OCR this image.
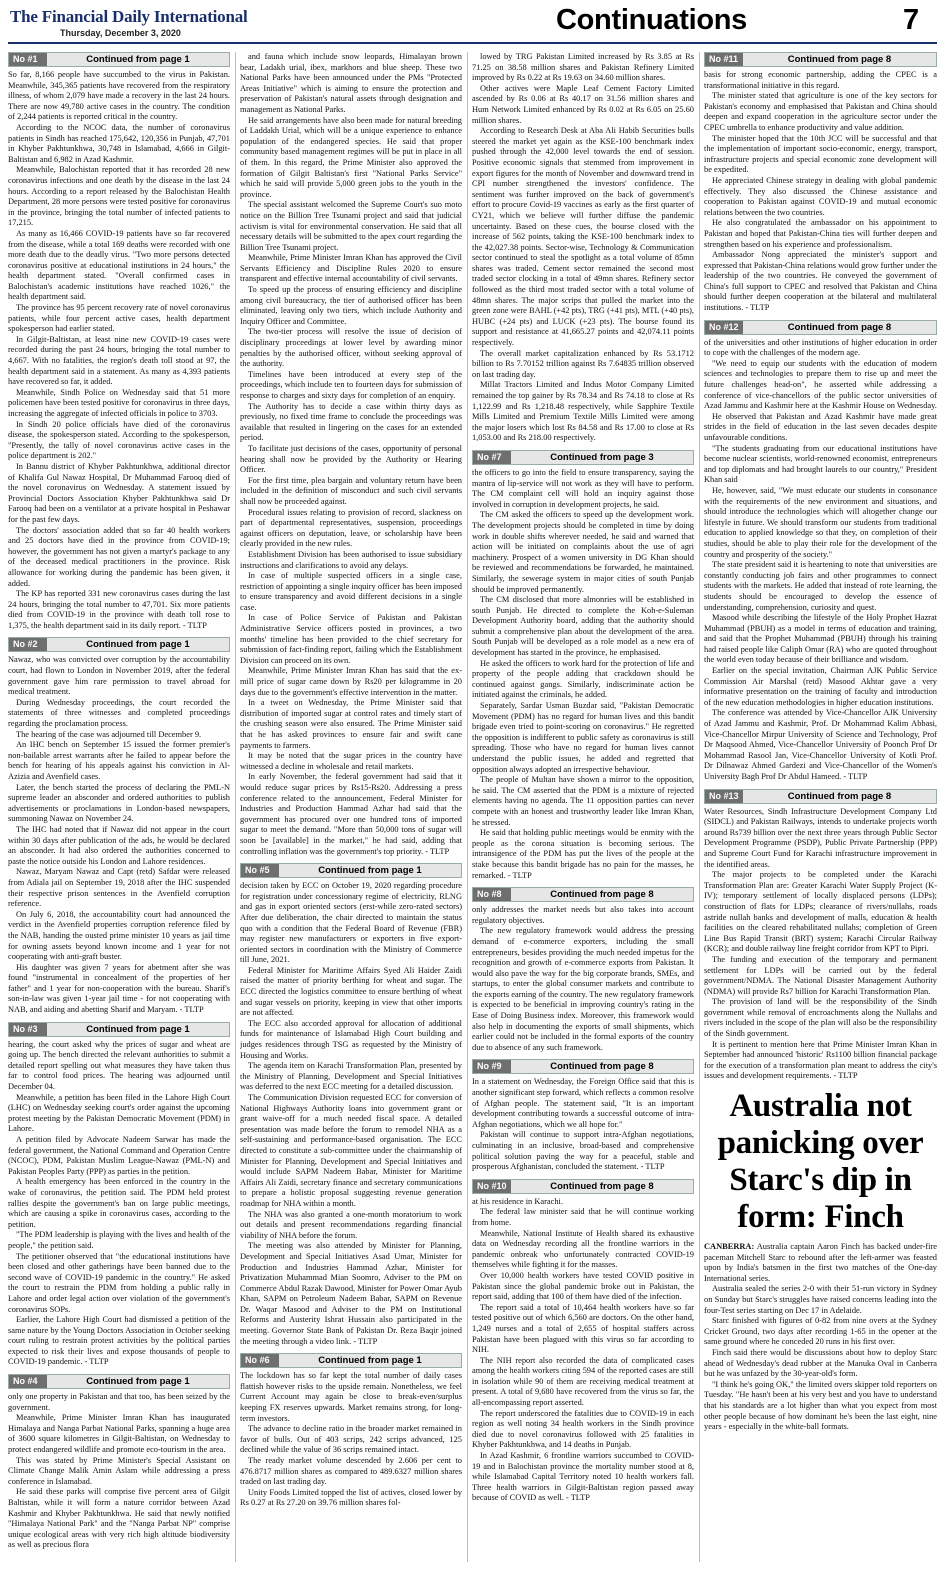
The Financial Daily International
Thursday, December 3, 2020	Continuations	7
No #1	Continued from page 1

So far, 8,166 people have succumbed to the virus in Pakistan. Meanwhile, 345,365 patients have recovered from the respiratory illness, of whom 2,079 have made a recovery in the last 24 hours. There are now 49,780 active cases in the country. The condition of 2,244 patients is reported critical in the country.

According to the NCOC data, the number of coronavirus patients in Sindh has reached 175,642, 120,356 in Punjab, 47,701 in Khyber Pakhtunkhwa, 30,748 in Islamabad, 4,666 in Gilgit-Baltistan and 6,982 in Azad Kashmir.

Meanwhile, Balochistan reported that it has recorded 28 new coronavirus infections and one death by the disease in the last 24 hours. According to a report released by the Balochistan Health Department, 28 more persons were tested positive for coronavirus in the province, bringing the total number of infected patients to 17,215.

As many as 16,466 COVID-19 patients have so far recovered from the disease, while a total 169 deaths were recorded with one more death due to the deadly virus. "Two more persons detected coronavirus positive at educational institutions in 24 hours," the health department stated. "Overall confirmed cases in Balochistan's academic institutions have reached 1026," the health department said.

The province has 95 percent recovery rate of novel coronavirus patients, while four percent active cases, health department spokesperson had earlier stated.

In Gilgit-Baltistan, at least nine new COVID-19 cases were recorded during the past 24 hours, bringing the total number to 4,667. With no fatalities, the region's death toll stood at 97, the health department said in a statement. As many as 4,393 patients have recovered so far, it added.

Meanwhile, Sindh Police on Wednesday said that 51 more policemen have been tested positive for coronavirus in three days, increasing the aggregate of infected officials in police to 3703.

In Sindh 20 police officials have died of the coronavirus disease, the spokesperson stated. According to the spokesperson, "Presently, the tally of novel coronavirus active cases in the police department is 202."

In Bannu district of Khyber Pakhtunkhwa, additional director of Khalifa Gul Nawaz Hospital, Dr Muhammad Farooq died of the novel coronavirus on Wednesday. A statement issued by Provincial Doctors Association Khyber Pakhtunkhwa said Dr Farooq had been on a ventilator at a private hospital in Peshawar for the past few days.

The doctors' association added that so far 40 health workers and 25 doctors have died in the province from COVID-19; however, the government has not given a martyr's package to any of the deceased medical practitioners in the province. Risk allowance for working during the pandemic has been given, it added.

The KP has reported 331 new coronavirus cases during the last 24 hours, bringing the total number to 47,701. Six more patients died from COVID-19 in the province with death toll rose to 1,375, the health department said in its daily report. - TLTP

No #2	Continued from page 1

Nawaz, who was convicted over corruption by the accountability court, had flown to London in November 2019, after the federal government gave him rare permission to travel abroad for medical treatment.

During Wednesday proceedings, the court recorded the statements of three witnesses and completed proceedings regarding the proclamation process.

The hearing of the case was adjourned till December 9.

An IHC bench on September 15 issued the former premier's non-bailable arrest warrants after he failed to appear before the bench for hearing of his appeals against his conviction in Al-Azizia and Avenfield cases.

Later, the bench started the process of declaring the PML-N supreme leader an absconder and ordered authorities to publish advertisements or proclamations in London-based newspapers, summoning Nawaz on November 24.

The IHC had noted that if Nawaz did not appear in the court within 30 days after publication of the ads, he would be declared an absconder. It had also ordered the authorities concerned to paste the notice outside his London and Lahore residences.

Nawaz, Maryam Nawaz and Capt (retd) Safdar were released from Adiala jail on September 19, 2018 after the IHC suspended their respective prison sentences in the Avenfield corruption reference.

On July 6, 2018, the accountability court had announced the verdict in the Avenfield properties corruption reference filed by the NAB, handing the ousted prime minister 10 years as jail time for owning assets beyond known income and 1 year for not cooperating with anti-graft buster.

His daughter was given 7 years for abetment after she was found "instrumental in concealment of the properties of her father" and 1 year for non-cooperation with the bureau. Sharif's son-in-law was given 1-year jail time - for not cooperating with NAB, and aiding and abetting Sharif and Maryam. - TLTP

No #3	Continued from page 1

hearing, the court asked why the prices of sugar and wheat are going up. The bench directed the relevant authorities to submit a detailed report spelling out what measures they have taken thus far to control food prices. The hearing was adjourned until December 04.

Meanwhile, a petition has been filed in the Lahore High Court (LHC) on Wednesday seeking court's order against the upcoming protest meeting by the Pakistan Democratic Movement (PDM) in Lahore.

A petition filed by Advocate Nadeem Sarwar has made the federal government, the National Command and Operation Centre (NCOC), PDM, Pakistan Muslim League-Nawaz (PML-N) and Pakistan Peoples Party (PPP) as parties in the petition.

A health emergency has been enforced in the country in the wake of coronavirus, the petition said. The PDM held protest rallies despite the government's ban on large public meetings, which are causing a spike in coronavirus cases, according to the petition.

"The PDM leadership is playing with the lives and health of the people," the petition said.

The petitioner observed that "the educational institutions have been closed and other gatherings have been banned due to the second wave of COVID-19 pandemic in the country." He asked the court to restrain the PDM from holding a public rally in Lahore and order legal action over violation of the government's coronavirus SOPs.

Earlier, the Lahore High Court had dismissed a petition of the same nature by the Young Doctors Association in October seeking court ruling to restrain protest activities by the political parties expected to risk their lives and expose thousands of people to COVID-19 pandemic. - TLTP

No #4	Continued from page 1

only one property in Pakistan and that too, has been seized by the government.

Meanwhile, Prime Minister Imran Khan has inaugurated Himalaya and Nanga Parbat National Parks, spanning a huge area of 3600 square kilometres in Gilgit-Baltistan, on Wednesday to protect endangered wildlife and promote eco-tourism in the area.

This was stated by Prime Minister's Special Assistant on Climate Change Malik Amin Aslam while addressing a press conference in Islamabad.

He said these parks will comprise five percent area of Gilgit Baltistan, while it will form a nature corridor between Azad Kashmir and Khyber Pakhtunkhwa. He said that newly notified "Himalaya National Park" and the "Nanga Parbat NP" comprise unique ecological areas with very rich high altitude biodiversity as well as precious flora

and fauna which include snow leopards, Himalayan brown bear, Ladakh urial, ibex, markhors and blue sheep. These two National Parks have been announced under the PMs "Protected Areas Initiative" which is aiming to ensure the protection and preservation of Pakistan's natural assets through designation and management as National Parks.

He said arrangements have also been made for natural breeding of Laddakh Urial, which will be a unique experience to enhance population of the endangered species. He said that proper community based management regimes will be put in place in all of them. In this regard, the Prime Minister also approved the formation of Gilgit Baltistan's first "National Parks Service" which he said will provide 5,000 green jobs to the youth in the province.

The special assistant welcomed the Supreme Court's suo moto notice on the Billion Tree Tsunami project and said that judicial activism is vital for environmental conservation. He said that all necessary details will be submitted to the apex court regarding the Billion Tree Tsunami project.

Meanwhile, Prime Minister Imran Khan has approved the Civil Servants Efficiency and Discipline Rules 2020 to ensure transparent and effective internal accountability of civil servants.

To speed up the process of ensuring efficiency and discipline among civil bureaucracy, the tier of authorised officer has been eliminated, leaving only two tiers, which include Authority and Inquiry Officer and Committee.

The two-tier process will resolve the issue of decision of disciplinary proceedings at lower level by awarding minor penalties by the authorised officer, without seeking approval of the authority.

Timelines have been introduced at every step of the proceedings, which include ten to fourteen days for submission of response to charges and sixty days for completion of an enquiry.

The Authority has to decide a case within thirty days as previously, no fixed time frame to conclude the proceedings was available that resulted in lingering on the cases for an extended period.

To facilitate just decisions of the cases, opportunity of personal hearing shall now be provided by the Authority or Hearing Officer.

For the first time, plea bargain and voluntary return have been included in the definition of misconduct and such civil servants shall now be proceeded against.

Procedural issues relating to provision of record, slackness on part of departmental representatives, suspension, proceedings against officers on deputation, leave, or scholarship have been clearly provided in the new rules.

Establishment Division has been authorised to issue subsidiary instructions and clarifications to avoid any delays.

In case of multiple suspected officers in a single case, restriction of appointing a single inquiry officer has been imposed to ensure transparency and avoid different decisions in a single case.

In case of Police Service of Pakistan and Pakistan Administrative Service officers posted in provinces, a two months' timeline has been provided to the chief secretary for submission of fact-finding report, failing which the Establishment Division can proceed on its own.

Meanwhile, Prime Minister Imran Khan has said that the ex-mill price of sugar came down by Rs20 per kilogramme in 20 days due to the government's effective intervention in the matter.

In a tweet on Wednesday, the Prime Minister said that distribution of imported sugar at control rates and timely start of the crushing season were also ensured. The Prime Minister said that he has asked provinces to ensure fair and swift cane payments to farmers.

It may be noted that the sugar prices in the country have witnessed a decline in wholesale and retail markets.

In early November, the federal government had said that it would reduce sugar prices by Rs15-Rs20. Addressing a press conference related to the announcement, Federal Minister for Industries and Production Hammad Azhar had said that the government has procured over one hundred tons of imported sugar to meet the demand. "More than 50,000 tons of sugar will soon be [available] in the market," he had said, adding that controlling inflation was the government's top priority. - TLTP

No #5	Continued from page 1

decision taken by ECC on October 19, 2020 regarding procedure for registration under concessionary regime of electricity, RLNG and gas in export oriented sectors (erst-while zero-rated sectors) After due deliberation, the chair directed to maintain the status quo with a condition that the Federal Board of Revenue (FBR) may register new manufacturers or exporters in five export-oriented sectors in coordination with the Ministry of Commerce till June, 2021.

Federal Minister for Maritime Affairs Syed Ali Haider Zaidi raised the matter of priority berthing for wheat and sugar. The ECC directed the logistics committee to ensure berthing of wheat and sugar vessels on priority, keeping in view that other imports are not affected.

The ECC also accorded approval for allocation of additional funds for maintenance of Islamabad High Court building and judges residences through TSG as requested by the Ministry of Housing and Works.

The agenda item on Karachi Transformation Plan, presented by the Ministry of Planning, Development and Special Initiatives was deferred to the next ECC meeting for a detailed discussion.

The Communication Division requested ECC for conversion of National Highways Authority loans into government grant or grant waive-off for a much needed fiscal space. A detailed presentation was made before the forum to remodel NHA as a self-sustaining and performance-based organisation. The ECC directed to constitute a sub-committee under the chairmanship of Minister for Planning, Development and Special Initiatives and would include SAPM Nadeem Babar, Minister for Maritime Affairs Ali Zaidi, secretary finance and secretary communications to prepare a holistic proposal suggesting revenue generation roadmap for NHA within a month.

The NHA was also granted a one-month moratorium to work out details and present recommendations regarding financial viability of NHA before the forum.

The meeting was also attended by Minister for Planning, Development and Special Initiatives Asad Umar, Minister for Production and Industries Hammad Azhar, Minister for Privatization Muhammad Mian Soomro, Adviser to the PM on Commerce Abdul Razak Dawood, Minister for Power Omar Ayub Khan, SAPM on Petroleum Nadeem Babar, SAPM on Revenue Dr. Waqar Masood and Adviser to the PM on Institutional Reforms and Austerity Ishrat Hussain also participated in the meeting. Governor State Bank of Pakistan Dr. Reza Baqir joined the meeting through a video link. - TLTP

No #6	Continued from page 1

The lockdown has so far kept the total number of daily cases flattish however risks to the upside remain. Nonetheless, we feel Current Account may again be close to break-even/surplus keeping FX reserves upwards. Market remains strong, for long-term investors.

The advance to decline ratio in the broader market remained in favor of bulls. Out of 403 scrips, 242 scrips advanced, 125 declined while the value of 36 scrips remained intact.

The ready market volume descended by 2.606 per cent to 476.8717 million shares as compared to 489.6327 million shares traded on last trading day.

Unity Foods Limited topped the list of actives, closed lower by Rs 0.27 at Rs 27.20 on 39.76 million shares fol-

lowed by TRG Pakistan Limited increased by Rs 3.85 at Rs 71.25 on 38.58 million shares and Pakistan Refinery Limited improved by Rs 0.22 at Rs 19.63 on 34.60 million shares.

Other actives were Maple Leaf Cement Factory Limited ascended by Rs 0.06 at Rs 40.17 on 31.56 million shares and Hum Network Limited enhanced by Rs 0.02 at Rs 6.05 on 25.60 million shares.

According to Research Desk at Aba Ali Habib Securities bulls steered the market yet again as the KSE-100 benchmark index pushed through the 42,000 level towards the end of session. Positive economic signals that stemmed from improvement in export figures for the month of November and downward trend in CPI number strengthened the investors' confidence. The sentiment was further improved on the back of government's effort to procure Covid-19 vaccines as early as the first quarter of CY21, which we believe will further diffuse the pandemic uncertainty. Based on these cues, the bourse closed with the increase of 562 points, taking the KSE-100 benchmark index to the 42,027.38 points. Sector-wise, Technology & Communication sector continued to steal the spotlight as a total volume of 85mn shares was traded. Cement sector remained the second most traded sector clocking in a total of 49mn shares. Refinery sector followed as the third most traded sector with a total volume of 48mn shares. The major scrips that pulled the market into the green zone were BAHL (+42 pts), TRG (+41 pts), MTL (+40 pts), HUBC (+24 pts) and LUCK (+23 pts). The bourse found its support and resistance at 41,665.27 points and 42,074.11 points respectively.

The overall market capitalization enhanced by Rs 53.1712 billion to Rs 7.70152 trillion against Rs 7.64835 trillion observed on last trading day.

Millat Tractors Limited and Indus Motor Company Limited remained the top gainer by Rs 78.34 and Rs 74.18 to close at Rs 1,122.99 and Rs 1,218.48 respectively, while Sapphire Textile Mills Limited and Premium Textile Mills Limited were among the major losers which lost Rs 84.58 and Rs 17.00 to close at Rs 1,053.00 and Rs 218.00 respectively.

No #7	Continued from page 3

the officers to go into the field to ensure transparency, saying the mantra of lip-service will not work as they will have to perform. The CM complaint cell will hold an inquiry against those involved in corruption in development projects, he said.

The CM asked the officers to speed up the development work. The development projects should be completed in time by doing work in double shifts wherever needed, he said and warned that action will be initiated on complaints about the use of agri machinery. Prospect of a women university in DG Khan should be reviewed and recommendations be forwarded, he maintained. Similarly, the sewerage system in major cities of south Punjab should be improved permanently.

The CM disclosed that more almonries will be established in south Punjab. He directed to complete the Koh-e-Suleman Development Authority board, adding that the authority should submit a comprehensive plan about the development of the area. South Punjab will be developed as a role model as a new era of development has started in the province, he emphasised.

He asked the officers to work hard for the protection of life and property of the people adding that crackdown should be continued against gangs. Similarly, indiscriminate action be initiated against the criminals, he added.

Separately, Sardar Usman Buzdar said, "Pakistan Democratic Movement (PDM) has no regard for human lives and this bandit brigade even tried to point-scoring on coronavirus." He regretted the opposition is indifferent to public safety as coronavirus is still spreading. Those who have no regard for human lives cannot understand the public issues, he added and regretted that opposition always adopted an irrespective behaviour.

The people of Multan have shown a mirror to the opposition, he said. The CM asserted that the PDM is a mixture of rejected elements having no agenda. The 11 opposition parties can never compete with an honest and trustworthy leader like Imran Khan, he stressed.

He said that holding public meetings would be enmity with the people as the corona situation is becoming serious. The intransigence of the PDM has put the lives of the people at the stake because this bandit brigade has no pain for the masses, he remarked. - TLTP

No #8	Continued from page 8

only addresses the market needs but also takes into account regulatory objectives.

The new regulatory framework would address the pressing demand of e-commerce exporters, including the small entrepreneurs, besides providing the much needed impetus for the recognition and growth of e-commerce exports from Pakistan. It would also pave the way for the big corporate brands, SMEs, and startups, to enter the global consumer markets and contribute to the exports earning of the country. The new regulatory framework is expected to be beneficial in improving country's rating in the Ease of Doing Business index. Moreover, this framework would also help in documenting the exports of small shipments, which earlier could not be included in the formal exports of the country due to absence of any such framework.

No #9	Continued from page 8

In a statement on Wednesday, the Foreign Office said that this is another significant step forward, which reflects a common resolve of Afghan people. The statement said, "It is an important development contributing towards a successful outcome of intra-Afghan negotiations, which we all hope for."

Pakistan will continue to support intra-Afghan negotiations, culminating in an inclusive, broad-based and comprehensive political solution paving the way for a peaceful, stable and prosperous Afghanistan, concluded the statement. - TLTP

No #10	Continued from page 8

at his residence in Karachi.

The federal law minister said that he will continue working from home.

Meanwhile, National Institute of Health shared its exhaustive data on Wednesday recording all the frontline warriors in the pandemic onbreak who unfortunately contracted COVID-19 themselves while fighting it for the masses.

Over 10,000 health workers have tested COVID positive in Pakistan since the global pandemic broke out in Pakistan, the report said, adding that 100 of them have died of the infection.

The report said a total of 10,464 health workers have so far tested positive out of which 6,560 are doctors. On the other hand, 1,249 nurses and a total of 2,655 of hospital staffers across Pakistan have been plagued with this virus so far according to NIH.

The NIH report also recorded the data of complicated cases among the health workers citing 594 of the reported cases are still in isolation while 90 of them are receiving medical treatment at present. A total of 9,680 have recovered from the virus so far, the all-encompassing report asserted.

The report underscored the fatalities due to COVID-19 in each region as well noting 34 health workers in the Sindh province died due to novel coronavirus followed with 25 fatalities in Khyber Pakhtunkhwa, and 14 deaths in Punjab.

In Azad Kashmir, 6 frontline warriors succumbed to COVID-19 and in Balochistan province the mortality number stood at 8, while Islamabad Capital Territory noted 10 health workers fall. Three health warriors in Gilgit-Baltistan region passed away because of COVID as well. - TLTP

No #11	Continued from page 8

basis for strong economic partnership, adding the CPEC is a transformational initiative in this regard.

The minister stated that agriculture is one of the key sectors for Pakistan's economy and emphasised that Pakistan and China should deepen and expand cooperation in the agriculture sector under the CPEC umbrella to enhance productivity and value addition.

The minister hoped that the 10th JCC will be successful and that the implementation of important socio-economic, energy, transport, infrastructure projects and special economic zone development will be expedited.

He appreciated Chinese strategy in dealing with global pandemic effectively. They also discussed the Chinese assistance and cooperation to Pakistan against COVID-19 and mutual economic relations between the two countries.

He also congratulated the ambassador on his appointment to Pakistan and hoped that Pakistan-China ties will further deepen and strengthen based on his experience and professionalism.

Ambassador Nong appreciated the minister's support and expressed that Pakistan-China relations would grow further under the leadership of the two countries. He conveyed the government of China's full support to CPEC and resolved that Pakistan and China should further deepen cooperation at the bilateral and multilateral institutions. - TLTP

No #12	Continued from page 8

of the universities and other institutions of higher education in order to cope with the challenges of the modern age.

"We need to equip our students with the education of modern sciences and technologies to prepare them to rise up and meet the future challenges head-on", he asserted while addressing a conference of vice-chancellors of the public sector universities of Azad Jammu and Kashmir here at the Kashmir House on Wednesday.

He observed that Pakistan and Azad Kashmir have made great strides in the field of education in the last seven decades despite unfavourable conditions.

"The students graduating from our educational institutions have become nuclear scientists, world-renowned economist, entrepreneurs and top diplomats and had brought laurels to our country," President Khan said

He, however, said, "We must educate our students in consonance with the requirements of the new environment and situations, and should introduce the technologies which will altogether change our lifestyle in future. We should transform our students from traditional education to applied knowledge so that they, on completion of their studies, should be able to play their role for the development of the country and prosperity of the society."

The state president said it is heartening to note that universities are constantly conducting job fairs and other programmes to connect students with the markets. He added that instead of rote learning, the students should be encouraged to develop the essence of understanding, comprehension, curiosity and quest.

Masood while describing the lifestyle of the Holy Prophet Hazrat Muhammad (PBUH) as a model in terms of education and training, and said that the Prophet Muhammad (PBUH) through his training had raised people like Caliph Omar (RA) who are quoted throughout the world even today because of their brilliance and wisdom.

Earlier on the special invitation, Chairman AJK Public Service Commission Air Marshal (retd) Masood Akhtar gave a very informative presentation on the training of faculty and introduction of the new education methodologies in higher education institutions.

The conference was attended by Vice-Chancellor AJK University of Azad Jammu and Kashmir, Prof. Dr Mohammad Kalim Abbasi, Vice-Chancellor Mirpur University of Science and Technology, Prof Dr Maqsood Ahmed, Vice-Chancellor University of Poonch Prof Dr Mohammad Rasool Jan, Vice-Chancellor University of Kotli Prof. Dr Dilnawaz Ahmed Gardezi and Vice-Chancellor of the Women's University Bagh Prof Dr Abdul Hameed. - TLTP

No #13	Continued from page 8

Water Resources, Sindh Infrastructure Development Company Ltd (SIDCL) and Pakistan Railways, intends to undertake projects worth around Rs739 billion over the next three years through Public Sector Development Programme (PSDP), Public Private Partnership (PPP) and Supreme Court Fund for Karachi infrastructure improvement in the identified areas.

The major projects to be completed under the Karachi Transformation Plan are: Greater Karachi Water Supply Project (K-IV); temporary settlement of locally displaced persons (LDPs); construction of flats for LDPs; clearance of rivers/nullahs, roads astride nullah banks and development of malls, education & health facilities on the cleared rehabilitated nullahs; completion of Green Line Bus Rapid Transit (BRT) system; Karachi Circular Railway (KCR); and double railway line freight corridor from KPT to Pipri.

The funding and execution of the temporary and permanent settlement for LDPs will be carried out by the federal government/NDMA. The National Disaster Management Authority (NDMA) will provide Rs7 billion for Karachi Transformation Plan.

The provision of land will be the responsibility of the Sindh government while removal of encroachments along the Nullahs and rivers included in the scope of the plan will also be the responsibility of the Sindh government.

It is pertinent to mention here that Prime Minister Imran Khan in September had announced 'historic' Rs1100 billion financial package for the execution of a transformation plan meant to address the city's issues and development requirements. - TLTP

Australia not panicking over Starc's dip in form: Finch

CANBERRA: Australia captain Aaron Finch has backed under-fire paceman Mitchell Starc to rebound after the left-armer was feasted upon by India's batsmen in the first two matches of the One-day International series.

Australia sealed the series 2-0 with their 51-run victory in Sydney on Sunday but Starc's struggles have raised concerns leading into the four-Test series starting on Dec 17 in Adelaide.

Starc finished with figures of 0-82 from nine overs at the Sydney Cricket Ground, two days after recording 1-65 in the opener at the same ground where he conceded 20 runs in his first over.

Finch said there would be discussions about how to deploy Starc ahead of Wednesday's dead rubber at the Manuka Oval in Canberra but he was unfazed by the 30-year-old's form.

"I think he's going OK," the limited overs skipper told reporters on Tuesday. "He hasn't been at his very best and you have to understand that his standards are a lot higher than what you expect from most other people because of how dominant he's been the last eight, nine years - especially in the white-ball formats.
